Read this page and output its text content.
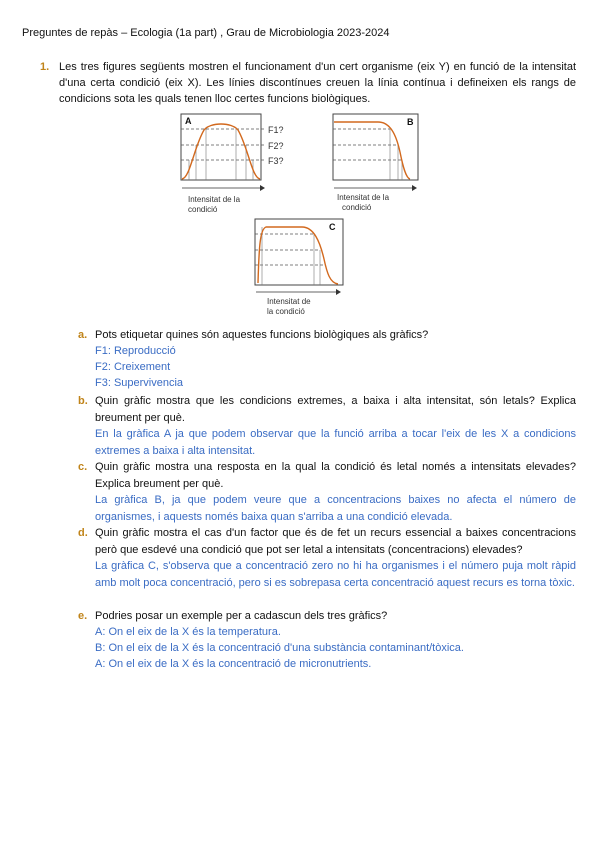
Preguntes de repàs – Ecologia (1a part) , Grau de Microbiologia 2023-2024
1. Les tres figures següents mostren el funcionament d'un cert organisme (eix Y) en funció de la intensitat d'una certa condició (eix X). Les línies discontínues creuen la línia contínua i defineixen els rangs de condicions sota les quals tenen lloc certes funcions biològiques.
A
F1?
F2?
F3?
Intensitat de la
condició
B
Intensitat de la
condició
C
Intensitat de
la condició
a. Pots etiquetar quines són aquestes funcions biològiques als gràfics?
F1: Reproducció
F2: Creixement
F3: Supervivencia
b. Quin gràfic mostra que les condicions extremes, a baixa i alta intensitat, són letals? Explica breument per què.
En la gràfica A ja que podem observar que la funció arriba a tocar l'eix de les X a condicions extremes a baixa i alta intensitat.
c. Quin gràfic mostra una resposta en la qual la condició és letal només a intensitats elevades? Explica breument per què.
La gràfica B, ja que podem veure que a concentracions baixes no afecta el número de organismes, i aquests només baixa quan s'arriba a una condició elevada.
d. Quin gràfic mostra el cas d'un factor que és de fet un recurs essencial a baixes concentracions però que esdevé una condició que pot ser letal a intensitats (concentracions) elevades?
La gràfica C, s'observa que a concentració zero no hi ha organismes i el número puja molt ràpid amb molt poca concentració, pero si es sobrepasa certa concentració aquest recurs es torna tòxic.
e. Podries posar un exemple per a cadascun dels tres gràfics?
A: On el eix de la X és la temperatura.
B: On el eix de la X és la concentració d'una substància contaminant/tòxica.
A: On el eix de la X és la concentració de micronutrients.
